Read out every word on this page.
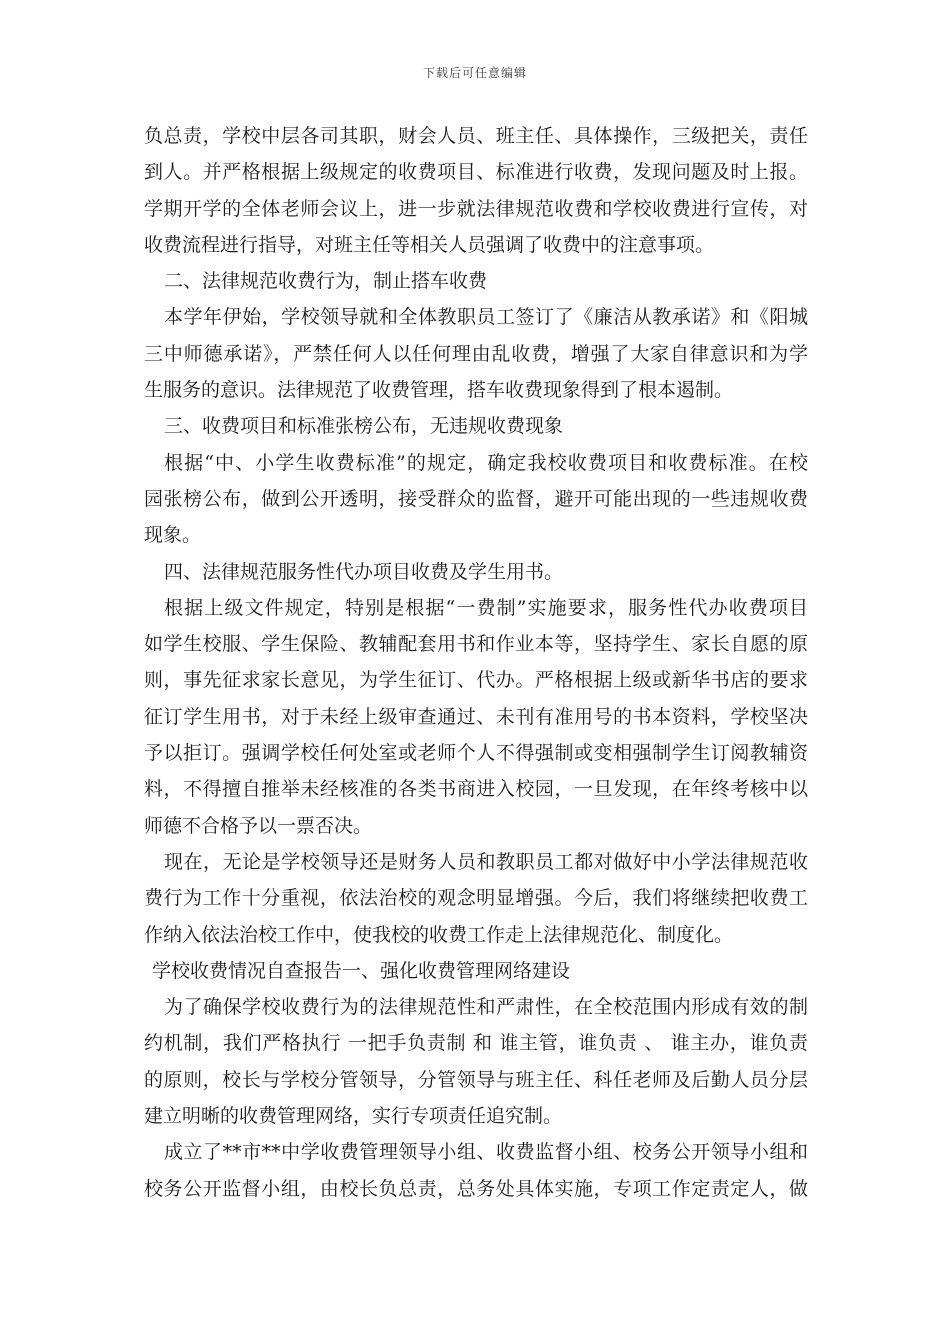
下载后可任意编辑
负总责，学校中层各司其职，财会人员、班主任、具体操作，三级把关，责任
到人。并严格根据上级规定的收费项目、标准进行收费，发现问题及时上报。
学期开学的全体老师会议上，进一步就法律规范收费和学校收费进行宣传，对
收费流程进行指导，对班主任等相关人员强调了收费中的注意事项。
二、法律规范收费行为，制止搭车收费
本学年伊始，学校领导就和全体教职员工签订了《廉洁从教承诺》和《阳城
三中师德承诺》，严禁任何人以任何理由乱收费，增强了大家自律意识和为学
生服务的意识。法律规范了收费管理，搭车收费现象得到了根本遏制。
三、收费项目和标准张榜公布，无违规收费现象
根据“中、小学生收费标准”的规定，确定我校收费项目和收费标准。在校
园张榜公布，做到公开透明，接受群众的监督，避开可能出现的一些违规收费
现象。
四、法律规范服务性代办项目收费及学生用书。
根据上级文件规定，特别是根据“一费制”实施要求，服务性代办收费项目
如学生校服、学生保险、教辅配套用书和作业本等，坚持学生、家长自愿的原
则，事先征求家长意见，为学生征订、代办。严格根据上级或新华书店的要求
征订学生用书，对于未经上级审查通过、未刊有准用号的书本资料，学校坚决
予以拒订。强调学校任何处室或老师个人不得强制或变相强制学生订阅教辅资
料，不得擅自推举未经核准的各类书商进入校园，一旦发现，在年终考核中以
师德不合格予以一票否决。
现在，无论是学校领导还是财务人员和教职员工都对做好中小学法律规范收
费行为工作十分重视，依法治校的观念明显增强。今后，我们将继续把收费工
作纳入依法治校工作中，使我校的收费工作走上法律规范化、制度化。
学校收费情况自查报告一、强化收费管理网络建设
为了确保学校收费行为的法律规范性和严肃性，在全校范围内形成有效的制
约机制，我们严格执行 一把手负责制 和 谁主管，谁负责 、 谁主办，谁负责
的原则，校长与学校分管领导，分管领导与班主任、科任老师及后勤人员分层
建立明晰的收费管理网络，实行专项责任追究制。
成立了**市**中学收费管理领导小组、收费监督小组、校务公开领导小组和
校务公开监督小组，由校长负总责，总务处具体实施，专项工作定责定人，做
